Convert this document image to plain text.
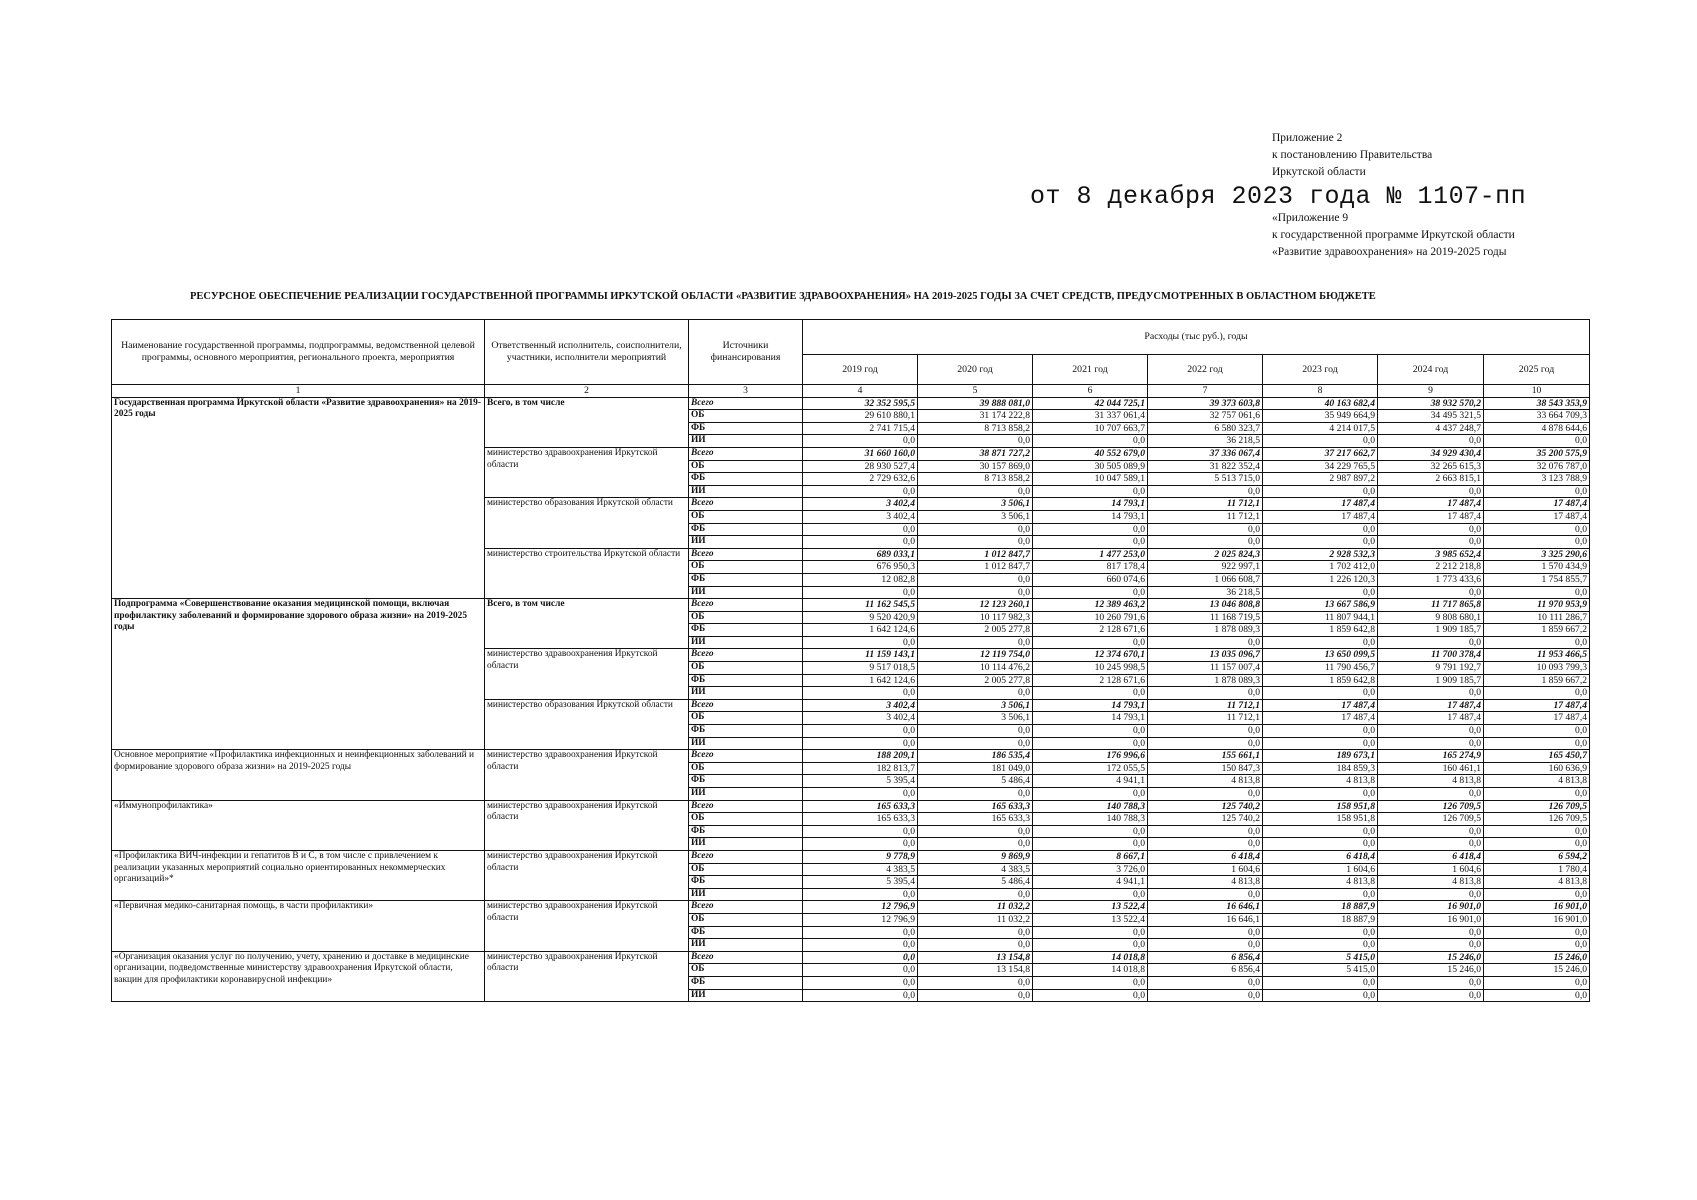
Приложение 2
к постановлению Правительства
Иркутской области
от 8 декабря 2023 года № 1107-пп
«Приложение 9
к государственной программе Иркутской области
«Развитие здравоохранения» на 2019-2025 годы
РЕСУРСНОЕ ОБЕСПЕЧЕНИЕ РЕАЛИЗАЦИИ ГОСУДАРСТВЕННОЙ ПРОГРАММЫ ИРКУТСКОЙ ОБЛАСТИ «РАЗВИТИЕ ЗДРАВООХРАНЕНИЯ» НА 2019-2025 ГОДЫ ЗА СЧЕТ СРЕДСТВ, ПРЕДУСМОТРЕННЫХ В ОБЛАСТНОМ БЮДЖЕТЕ
Наименование государственной программы, подпрограммы, ведомственной целевой программы, основного мероприятия, регионального проекта, мероприятия	Ответственный исполнитель, соисполнители, участники, исполнители мероприятий	Источники финансирования	Расходы (тыс руб.), годы						
			2019 год	2020 год	2021 год	2022 год	2023 год	2024 год	2025 год
1	2	3	4	5	6	7	8	9	10
Государственная программа Иркутской области «Развитие здравоохранения» на 2019-2025 годы	Всего, в том числе	Всего	32 352 595,5	39 888 081,0	42 044 725,1	39 373 603,8	40 163 682,4	38 932 570,2	38 543 353,9
		ОБ	29 610 880,1	31 174 222,8	31 337 061,4	32 757 061,6	35 949 664,9	34 495 321,5	33 664 709,3
		ФБ	2 741 715,4	8 713 858,2	10 707 663,7	6 580 323,7	4 214 017,5	4 437 248,7	4 878 644,6
		ИИ	0,0	0,0	0,0	36 218,5	0,0	0,0	0,0
	министерство здравоохранения Иркутской области	Всего	31 660 160,0	38 871 727,2	40 552 679,0	37 336 067,4	37 217 662,7	34 929 430,4	35 200 575,9
		ОБ	28 930 527,4	30 157 869,0	30 505 089,9	31 822 352,4	34 229 765,5	32 265 615,3	32 076 787,0
		ФБ	2 729 632,6	8 713 858,2	10 047 589,1	5 513 715,0	2 987 897,2	2 663 815,1	3 123 788,9
		ИИ	0,0	0,0	0,0	0,0	0,0	0,0	0,0
	министерство образования Иркутской области	Всего	3 402,4	3 506,1	14 793,1	11 712,1	17 487,4	17 487,4	17 487,4
		ОБ	3 402,4	3 506,1	14 793,1	11 712,1	17 487,4	17 487,4	17 487,4
		ФБ	0,0	0,0	0,0	0,0	0,0	0,0	0,0
		ИИ	0,0	0,0	0,0	0,0	0,0	0,0	0,0
	министерство строительства Иркутской области	Всего	689 033,1	1 012 847,7	1 477 253,0	2 025 824,3	2 928 532,3	3 985 652,4	3 325 290,6
		ОБ	676 950,3	1 012 847,7	817 178,4	922 997,1	1 702 412,0	2 212 218,8	1 570 434,9
		ФБ	12 082,8	0,0	660 074,6	1 066 608,7	1 226 120,3	1 773 433,6	1 754 855,7
		ИИ	0,0	0,0	0,0	36 218,5	0,0	0,0	0,0
Подпрограмма «Совершенствование оказания медицинской помощи, включая профилактику заболеваний и формирование здорового образа жизни» на 2019-2025 годы	Всего, в том числе	Всего	11 162 545,5	12 123 260,1	12 389 463,2	13 046 808,8	13 667 586,9	11 717 865,8	11 970 953,9
		ОБ	9 520 420,9	10 117 982,3	10 260 791,6	11 168 719,5	11 807 944,1	9 808 680,1	10 111 286,7
		ФБ	1 642 124,6	2 005 277,8	2 128 671,6	1 878 089,3	1 859 642,8	1 909 185,7	1 859 667,2
		ИИ	0,0	0,0	0,0	0,0	0,0	0,0	0,0
	министерство здравоохранения Иркутской области	Всего	11 159 143,1	12 119 754,0	12 374 670,1	13 035 096,7	13 650 099,5	11 700 378,4	11 953 466,5
		ОБ	9 517 018,5	10 114 476,2	10 245 998,5	11 157 007,4	11 790 456,7	9 791 192,7	10 093 799,3
		ФБ	1 642 124,6	2 005 277,8	2 128 671,6	1 878 089,3	1 859 642,8	1 909 185,7	1 859 667,2
		ИИ	0,0	0,0	0,0	0,0	0,0	0,0	0,0
	министерство образования Иркутской области	Всего	3 402,4	3 506,1	14 793,1	11 712,1	17 487,4	17 487,4	17 487,4
		ОБ	3 402,4	3 506,1	14 793,1	11 712,1	17 487,4	17 487,4	17 487,4
		ФБ	0,0	0,0	0,0	0,0	0,0	0,0	0,0
		ИИ	0,0	0,0	0,0	0,0	0,0	0,0	0,0
Основное мероприятие «Профилактика инфекционных и неинфекционных заболеваний и формирование здорового образа жизни» на 2019-2025 годы	министерство здравоохранения Иркутской области	Всего	188 209,1	186 535,4	176 996,6	155 661,1	189 673,1	165 274,9	165 450,7
		ОБ	182 813,7	181 049,0	172 055,5	150 847,3	184 859,3	160 461,1	160 636,9
		ФБ	5 395,4	5 486,4	4 941,1	4 813,8	4 813,8	4 813,8	4 813,8
		ИИ	0,0	0,0	0,0	0,0	0,0	0,0	0,0
«Иммунопрофилактика»	министерство здравоохранения Иркутской области	Всего	165 633,3	165 633,3	140 788,3	125 740,2	158 951,8	126 709,5	126 709,5
		ОБ	165 633,3	165 633,3	140 788,3	125 740,2	158 951,8	126 709,5	126 709,5
		ФБ	0,0	0,0	0,0	0,0	0,0	0,0	0,0
		ИИ	0,0	0,0	0,0	0,0	0,0	0,0	0,0
«Профилактика ВИЧ-инфекции и гепатитов В и С, в том числе с привлечением к реализации указанных мероприятий социально ориентированных некоммерческих организаций»*	министерство здравоохранения Иркутской области	Всего	9 778,9	9 869,9	8 667,1	6 418,4	6 418,4	6 418,4	6 594,2
		ОБ	4 383,5	4 383,5	3 726,0	1 604,6	1 604,6	1 604,6	1 780,4
		ФБ	5 395,4	5 486,4	4 941,1	4 813,8	4 813,8	4 813,8	4 813,8
		ИИ	0,0	0,0	0,0	0,0	0,0	0,0	0,0
«Первичная медико-санитарная помощь, в части профилактики»	министерство здравоохранения Иркутской области	Всего	12 796,9	11 032,2	13 522,4	16 646,1	18 887,9	16 901,0	16 901,0
		ОБ	12 796,9	11 032,2	13 522,4	16 646,1	18 887,9	16 901,0	16 901,0
		ФБ	0,0	0,0	0,0	0,0	0,0	0,0	0,0
		ИИ	0,0	0,0	0,0	0,0	0,0	0,0	0,0
«Организация оказания услуг по получению, учету, хранению и доставке в медицинские организации, подведомственные министерству здравоохранения Иркутской области, вакцин для профилактики коронавирусной инфекции»	министерство здравоохранения Иркутской области	Всего	0,0	13 154,8	14 018,8	6 856,4	5 415,0	15 246,0	15 246,0
		ОБ	0,0	13 154,8	14 018,8	6 856,4	5 415,0	15 246,0	15 246,0
		ФБ	0,0	0,0	0,0	0,0	0,0	0,0	0,0
		ИИ	0,0	0,0	0,0	0,0	0,0	0,0	0,0
